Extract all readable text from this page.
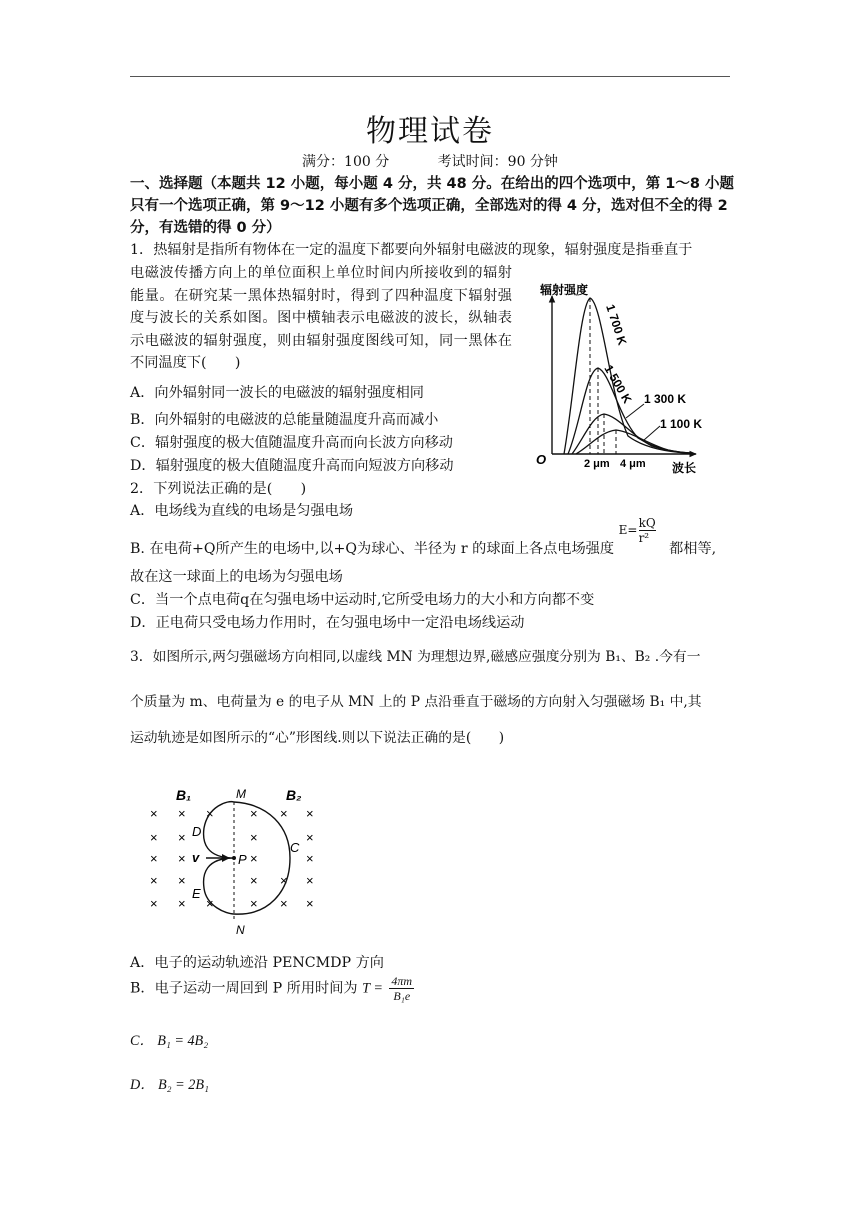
物理试卷
满分：100 分	考试时间：90 分钟
一、选择题（本题共 12 小题，每小题 4 分，共 48 分。在给出的四个选项中，第 1～8 小题只有一个选项正确，第 9～12 小题有多个选项正确，全部选对的得 4 分，选对但不全的得 2 分，有选错的得 0 分）
1．热辐射是指所有物体在一定的温度下都要向外辐射电磁波的现象，辐射强度是指垂直于
电磁波传播方向上的单位面积上单位时间内所接收到的辐射能量。在研究某一黑体热辐射时，得到了四种温度下辐射强度与波长的关系如图。图中横轴表示电磁波的波长，纵轴表示电磁波的辐射强度，则由辐射强度图线可知，同一黑体在不同温度下(　　)
A．向外辐射同一波长的电磁波的辐射强度相同
B．向外辐射的电磁波的总能量随温度升高而减小
C．辐射强度的极大值随温度升高而向长波方向移动
D．辐射强度的极大值随温度升高而向短波方向移动
辐射强度
波长
O	2 μm 4 μm
1 700 K
1 500 K 1 300 K
1 100 K
2．下列说法正确的是(　　)
A．电场线为直线的电场是匀强电场
B. 在电荷+Q所产生的电场中,以+Q为球心、半径为 r 的球面上各点电场强度
E= kQ
r²
都相等,
故在这一球面上的电场为匀强电场
C．当一个点电荷q在匀强电场中运动时,它所受电场力的大小和方向都不变
D．正电荷只受电场力作用时，在匀强电场中一定沿电场线运动
3．如图所示,两匀强磁场方向相同,以虚线 MN 为理想边界,磁感应强度分别为 B₁、B₂ .今有一
个质量为 m、电荷量为 e 的电子从 MN 上的 P 点沿垂直于磁场的方向射入匀强磁场 B₁ 中,其
运动轨迹是如图所示的“心”形图线.则以下说法正确的是(　　)
× ×
× ×
× ×
× ×
× ×
×
×
× × ×
×	×
×	×
× × ×
× × ×
B₁	B₂
M
N
P
C
D
E
v
A．电子的运动轨迹沿 PENCMDP 方向
B．电子运动一周回到 P 所用时间为 $T = \frac{4\pi m}{\text{B₁e}}$
C． B₁ = 4B₂
D． B₂ = 2B₁
